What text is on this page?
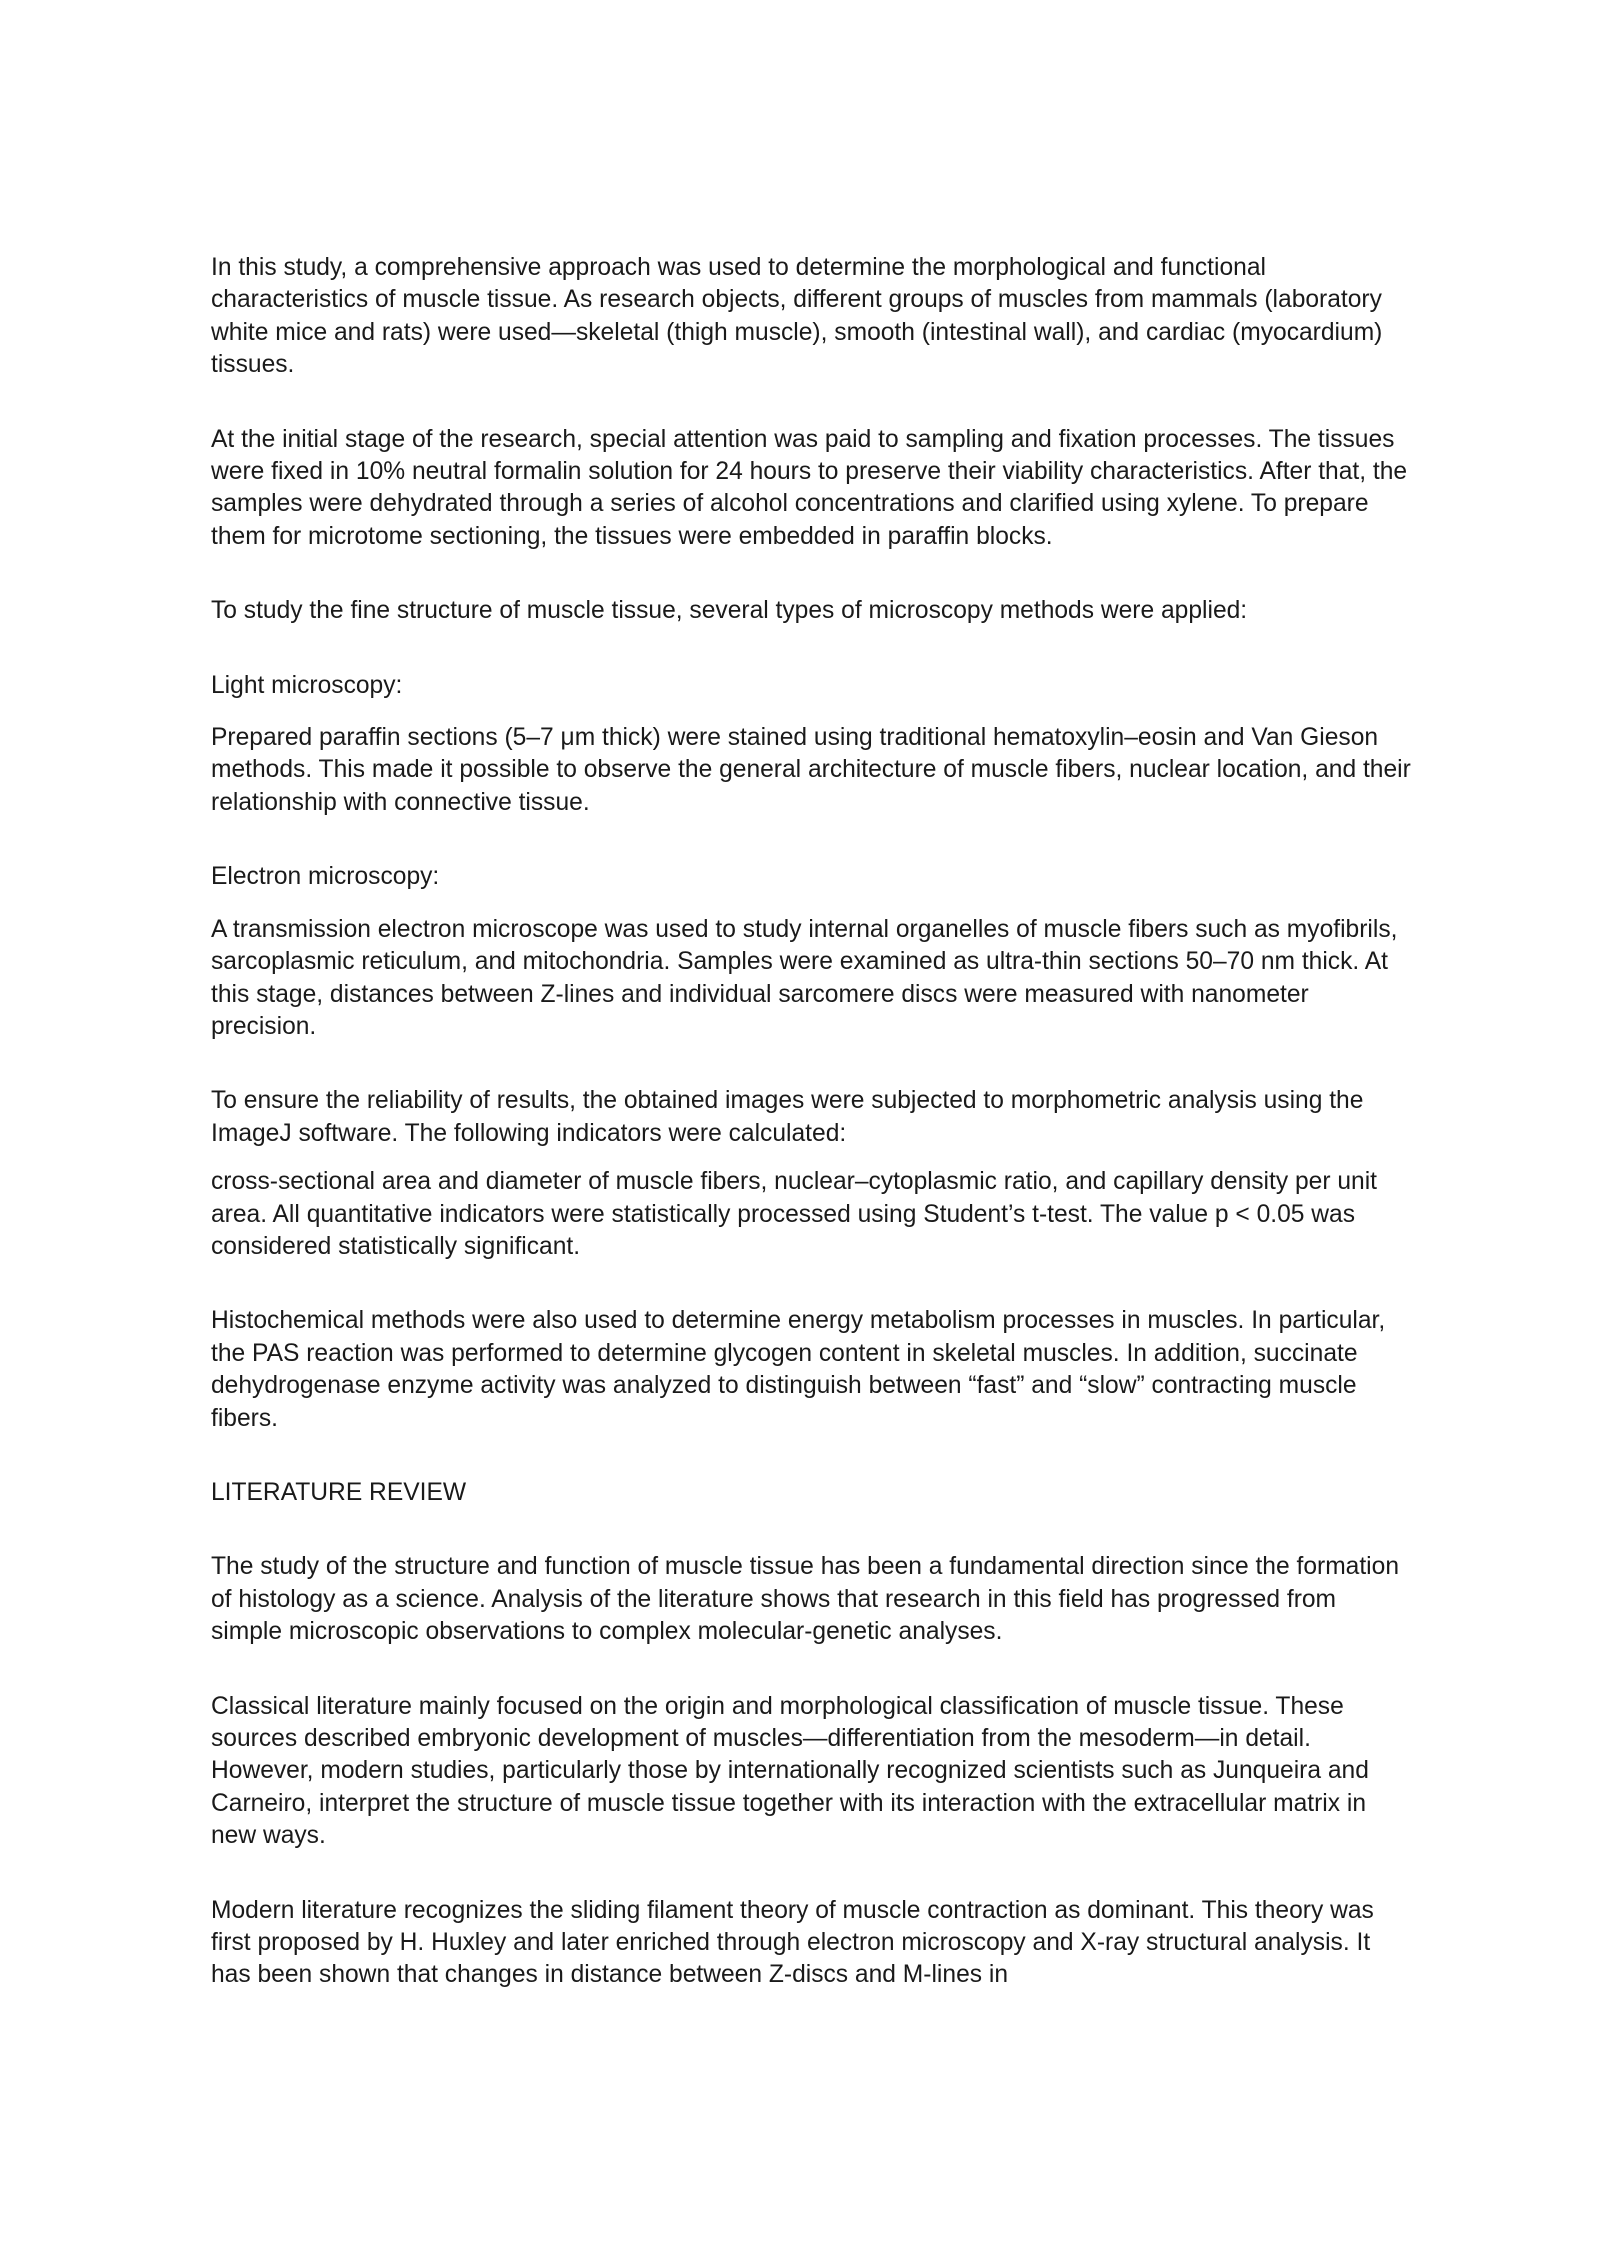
In this study, a comprehensive approach was used to determine the morphological and functional characteristics of muscle tissue. As research objects, different groups of muscles from mammals (laboratory white mice and rats) were used—skeletal (thigh muscle), smooth (intestinal wall), and cardiac (myocardium) tissues.

At the initial stage of the research, special attention was paid to sampling and fixation processes. The tissues were fixed in 10% neutral formalin solution for 24 hours to preserve their viability characteristics. After that, the samples were dehydrated through a series of alcohol concentrations and clarified using xylene. To prepare them for microtome sectioning, the tissues were embedded in paraffin blocks.

To study the fine structure of muscle tissue, several types of microscopy methods were applied:

Light microscopy:

Prepared paraffin sections (5–7 μm thick) were stained using traditional hematoxylin–eosin and Van Gieson methods. This made it possible to observe the general architecture of muscle fibers, nuclear location, and their relationship with connective tissue.

Electron microscopy:

A transmission electron microscope was used to study internal organelles of muscle fibers such as myofibrils, sarcoplasmic reticulum, and mitochondria. Samples were examined as ultra-thin sections 50–70 nm thick. At this stage, distances between Z-lines and individual sarcomere discs were measured with nanometer precision.

To ensure the reliability of results, the obtained images were subjected to morphometric analysis using the ImageJ software. The following indicators were calculated:

cross-sectional area and diameter of muscle fibers, nuclear–cytoplasmic ratio, and capillary density per unit area. All quantitative indicators were statistically processed using Student’s t-test. The value p < 0.05 was considered statistically significant.

Histochemical methods were also used to determine energy metabolism processes in muscles. In particular, the PAS reaction was performed to determine glycogen content in skeletal muscles. In addition, succinate dehydrogenase enzyme activity was analyzed to distinguish between “fast” and “slow” contracting muscle fibers.

LITERATURE REVIEW

The study of the structure and function of muscle tissue has been a fundamental direction since the formation of histology as a science. Analysis of the literature shows that research in this field has progressed from simple microscopic observations to complex molecular-genetic analyses.

Classical literature mainly focused on the origin and morphological classification of muscle tissue. These sources described embryonic development of muscles—differentiation from the mesoderm—in detail. However, modern studies, particularly those by internationally recognized scientists such as Junqueira and Carneiro, interpret the structure of muscle tissue together with its interaction with the extracellular matrix in new ways.

Modern literature recognizes the sliding filament theory of muscle contraction as dominant. This theory was first proposed by H. Huxley and later enriched through electron microscopy and X-ray structural analysis. It has been shown that changes in distance between Z-discs and M-lines in
